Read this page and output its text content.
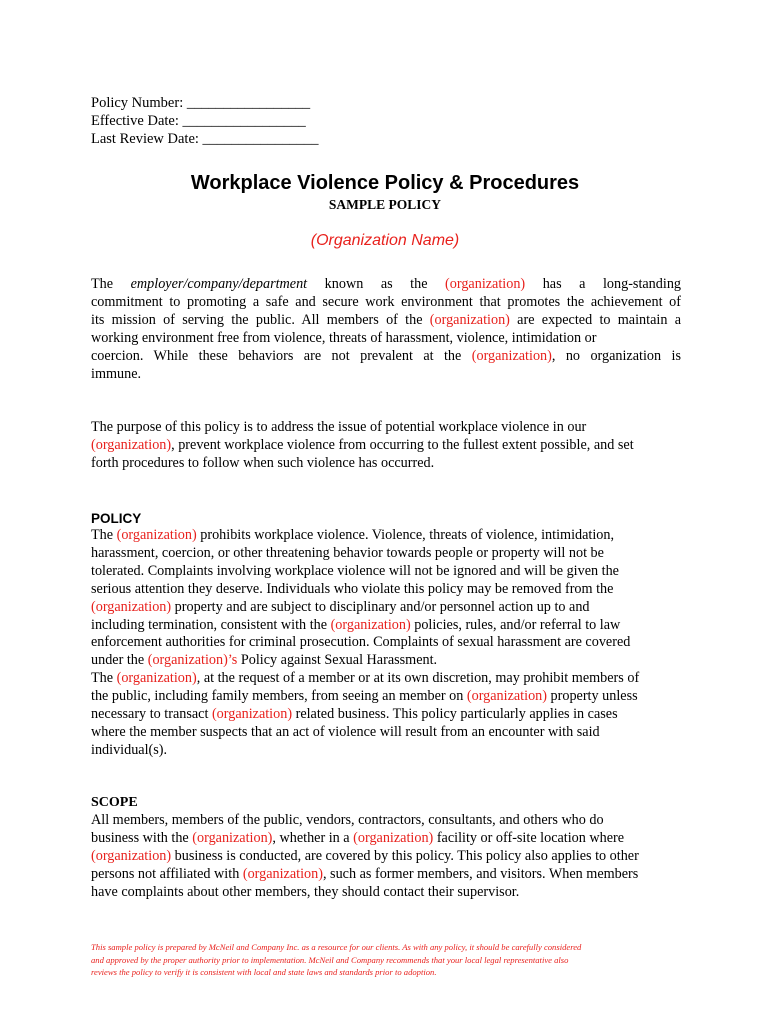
Policy Number: _________________
Effective Date: _________________
Last Review Date: ________________
Workplace Violence Policy & Procedures
SAMPLE POLICY
(Organization Name)
The employer/company/department known as the (organization) has a long-standing
commitment to promoting a safe and secure work environment that promotes the achievement of
its mission of serving the public. All members of the (organization) are expected to maintain a
working environment free from violence, threats of harassment, violence, intimidation or
coercion. While these behaviors are not prevalent at the (organization), no organization is
immune.
The purpose of this policy is to address the issue of potential workplace violence in our
(organization), prevent workplace violence from occurring to the fullest extent possible, and set
forth procedures to follow when such violence has occurred.
POLICY
The (organization) prohibits workplace violence. Violence, threats of violence, intimidation,
harassment, coercion, or other threatening behavior towards people or property will not be
tolerated. Complaints involving workplace violence will not be ignored and will be given the
serious attention they deserve. Individuals who violate this policy may be removed from the
(organization) property and are subject to disciplinary and/or personnel action up to and
including termination, consistent with the (organization) policies, rules, and/or referral to law
enforcement authorities for criminal prosecution. Complaints of sexual harassment are covered
under the (organization)’s Policy against Sexual Harassment.
The (organization), at the request of a member or at its own discretion, may prohibit members of
the public, including family members, from seeing an member on (organization) property unless
necessary to transact (organization) related business. This policy particularly applies in cases
where the member suspects that an act of violence will result from an encounter with said
individual(s).
SCOPE
All members, members of the public, vendors, contractors, consultants, and others who do
business with the (organization), whether in a (organization) facility or off-site location where
(organization) business is conducted, are covered by this policy. This policy also applies to other
persons not affiliated with (organization), such as former members, and visitors. When members
have complaints about other members, they should contact their supervisor.
This sample policy is prepared by McNeil and Company Inc. as a resource for our clients. As with any policy, it should be carefully considered
and approved by the proper authority prior to implementation. McNeil and Company recommends that your local legal representative also
reviews the policy to verify it is consistent with local and state laws and standards prior to adoption.
